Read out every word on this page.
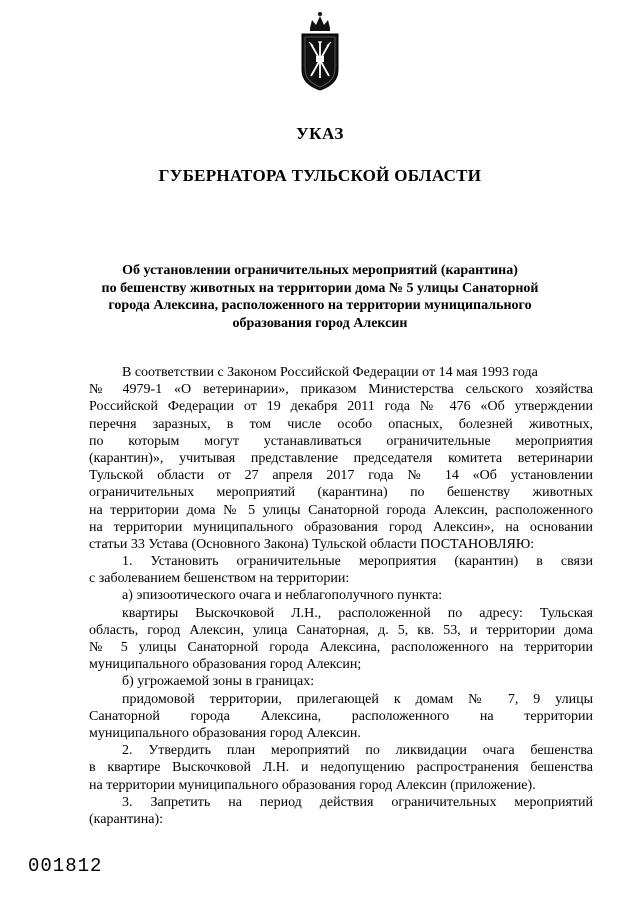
УКАЗ
ГУБЕРНАТОРА ТУЛЬСКОЙ ОБЛАСТИ
Об установлении ограничительных мероприятий (карантина)
по бешенству животных на территории дома № 5 улицы Санаторной
города Алексина, расположенного на территории муниципального
образования город Алексин
В соответствии с Законом Российской Федерации от 14 мая 1993 года
№ 4979-1 «О ветеринарии», приказом Министерства сельского хозяйства
Российской Федерации от 19 декабря 2011 года № 476 «Об утверждении
перечня заразных, в том числе особо опасных, болезней животных,
по которым могут устанавливаться ограничительные мероприятия
(карантин)», учитывая представление председателя комитета ветеринарии
Тульской области от 27 апреля 2017 года № 14 «Об установлении
ограничительных мероприятий (карантина) по бешенству животных
на территории дома № 5 улицы Санаторной города Алексин, расположенного
на территории муниципального образования город Алексин», на основании
статьи 33 Устава (Основного Закона) Тульской области ПОСТАНОВЛЯЮ:
1. Установить ограничительные мероприятия (карантин) в связи
с заболеванием бешенством на территории:
а) эпизоотического очага и неблагополучного пункта:
квартиры Выскочковой Л.Н., расположенной по адресу: Тульская
область, город Алексин, улица Санаторная, д. 5, кв. 53, и территории дома
№ 5 улицы Санаторной города Алексина, расположенного на территории
муниципального образования город Алексин;
б) угрожаемой зоны в границах:
придомовой территории, прилегающей к домам № 7, 9 улицы
Санаторной города Алексина, расположенного на территории
муниципального образования город Алексин.
2. Утвердить план мероприятий по ликвидации очага бешенства
в квартире Выскочковой Л.Н. и недопущению распространения бешенства
на территории муниципального образования город Алексин (приложение).
3. Запретить на период действия ограничительных мероприятий
(карантина):
001812
